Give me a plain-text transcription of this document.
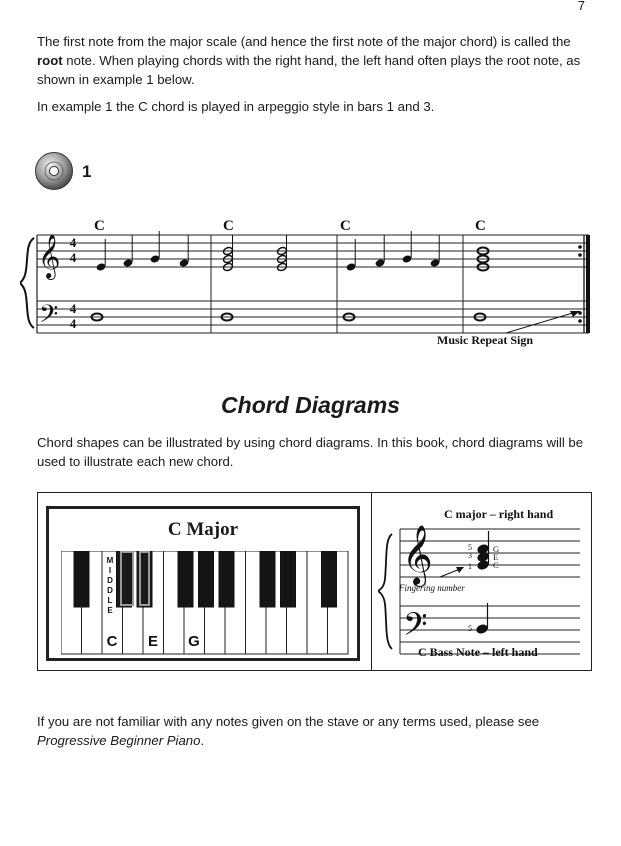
7

The first note from the major scale (and hence the first note of the major chord) is called the root note. When playing chords with the right hand, the left hand often plays the root note, as shown in example 1 below.

In example 1 the C chord is played in arpeggio style in bars 1 and 3.

1
C	C	C	C
𝄞
𝄢
4
4
4
4
Music Repeat Sign
Chord Diagrams

Chord shapes can be illustrated by using chord diagrams. In this book, chord diagrams will be used to illustrate each new chord.

C Major
C E G
M
I
D
D
L
E
C major – right hand
𝄞
𝄢
5
3
1
G
E
C
Fingering number
5
C Bass Note – left hand

If you are not familiar with any notes given on the stave or any terms used, please see Progressive Beginner Piano.
